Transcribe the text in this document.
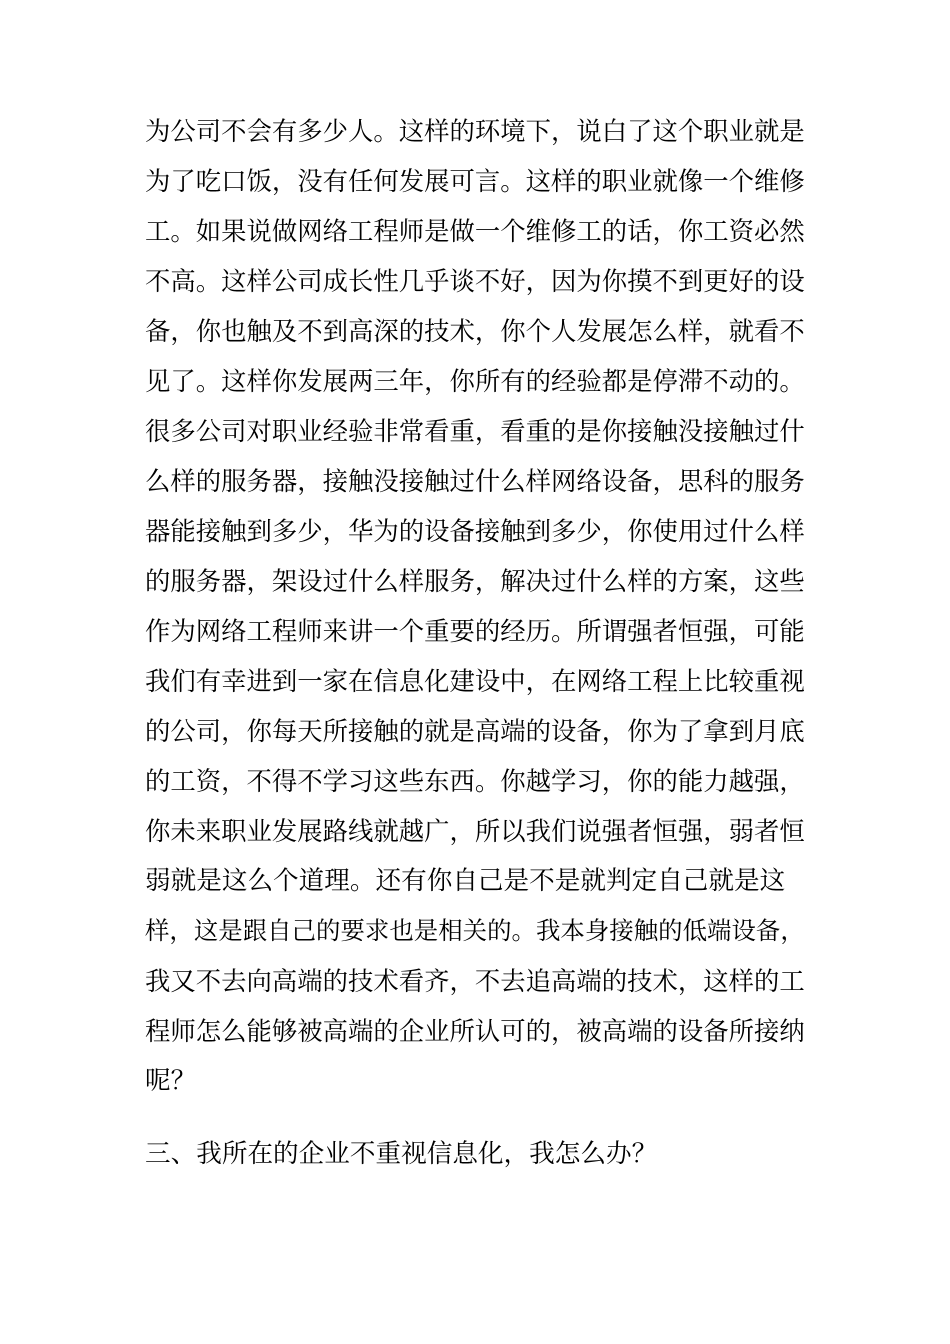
为公司不会有多少人。这样的环境下，说白了这个职业就是
为了吃口饭，没有任何发展可言。这样的职业就像一个维修
工。如果说做网络工程师是做一个维修工的话，你工资必然
不高。这样公司成长性几乎谈不好，因为你摸不到更好的设
备，你也触及不到高深的技术，你个人发展怎么样，就看不
见了。这样你发展两三年，你所有的经验都是停滞不动的。
很多公司对职业经验非常看重，看重的是你接触没接触过什
么样的服务器，接触没接触过什么样网络设备，思科的服务
器能接触到多少，华为的设备接触到多少，你使用过什么样
的服务器，架设过什么样服务，解决过什么样的方案，这些
作为网络工程师来讲一个重要的经历。所谓强者恒强，可能
我们有幸进到一家在信息化建设中，在网络工程上比较重视
的公司，你每天所接触的就是高端的设备，你为了拿到月底
的工资，不得不学习这些东西。你越学习，你的能力越强，
你未来职业发展路线就越广，所以我们说强者恒强，弱者恒
弱就是这么个道理。还有你自己是不是就判定自己就是这
样，这是跟自己的要求也是相关的。我本身接触的低端设备，
我又不去向高端的技术看齐，不去追高端的技术，这样的工
程师怎么能够被高端的企业所认可的，被高端的设备所接纳
呢？
三、我所在的企业不重视信息化，我怎么办？
